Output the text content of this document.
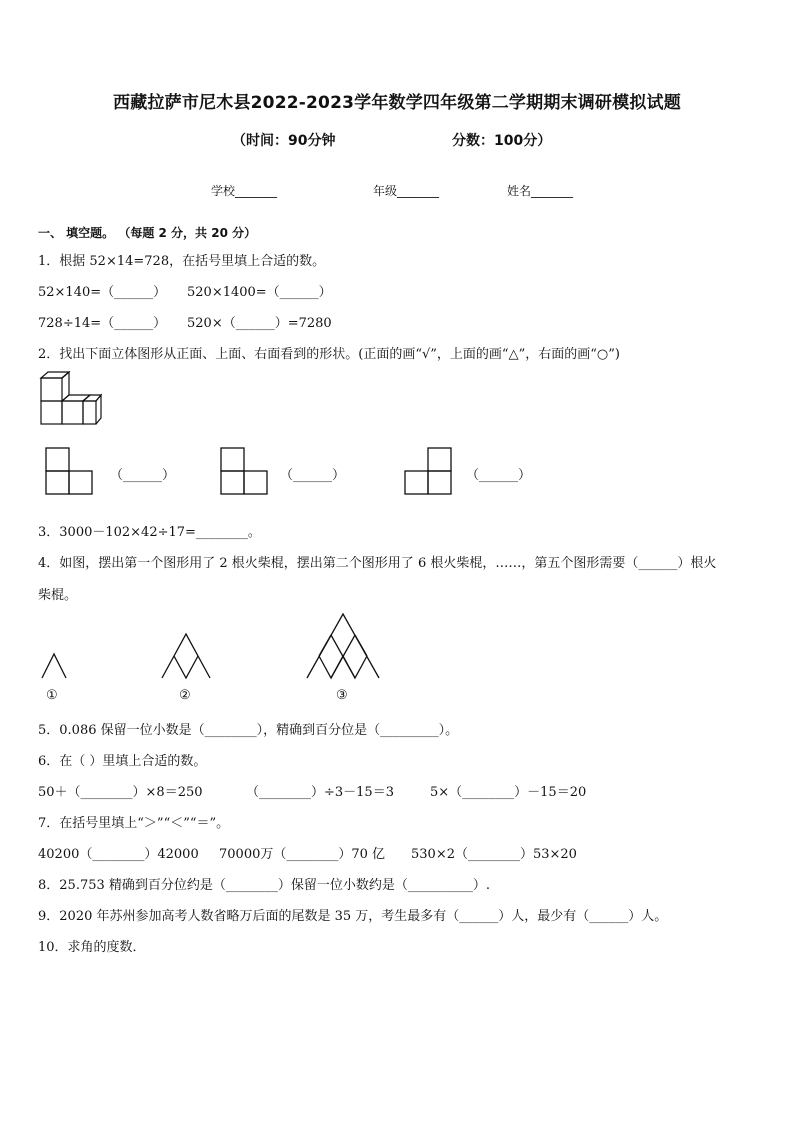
西藏拉萨市尼木县2022-2023学年数学四年级第二学期期末调研模拟试题
（时间：90分钟	分数：100分）
学校_______	年级_______	姓名_______
一、 填空题。 （每题 2 分，共 20 分）
1．根据 52×14=728，在括号里填上合适的数。
52×140=（______） 520×1400=（______）
728÷14=（______） 520×（______）=7280
2．找出下面立体图形从正面、上面、右面看到的形状。(正面的画“√”，上面的画“△”，右面的画“○”)
（______）	（______）	（______）
3．3000－102×42÷17=________。
4．如图，摆出第一个图形用了 2 根火柴棍，摆出第二个图形用了 6 根火柴棍，……，第五个图形需要（______）根火
柴棍。
①	②	③
5．0.086 保留一位小数是（________），精确到百分位是（_________）。
6．在（ ）里填上合适的数。
50＋（________）×8＝250	（________）÷3－15＝3	5×（________）－15＝20
7．在括号里填上“＞”“＜”“＝”。
40200（________）42000 70000万（________）70 亿 530×2（________）53×20
8．25.753 精确到百分位约是（________）保留一位小数约是（__________）.
9．2020 年苏州参加高考人数省略万后面的尾数是 35 万，考生最多有（______）人，最少有（______）人。
10．求角的度数．
